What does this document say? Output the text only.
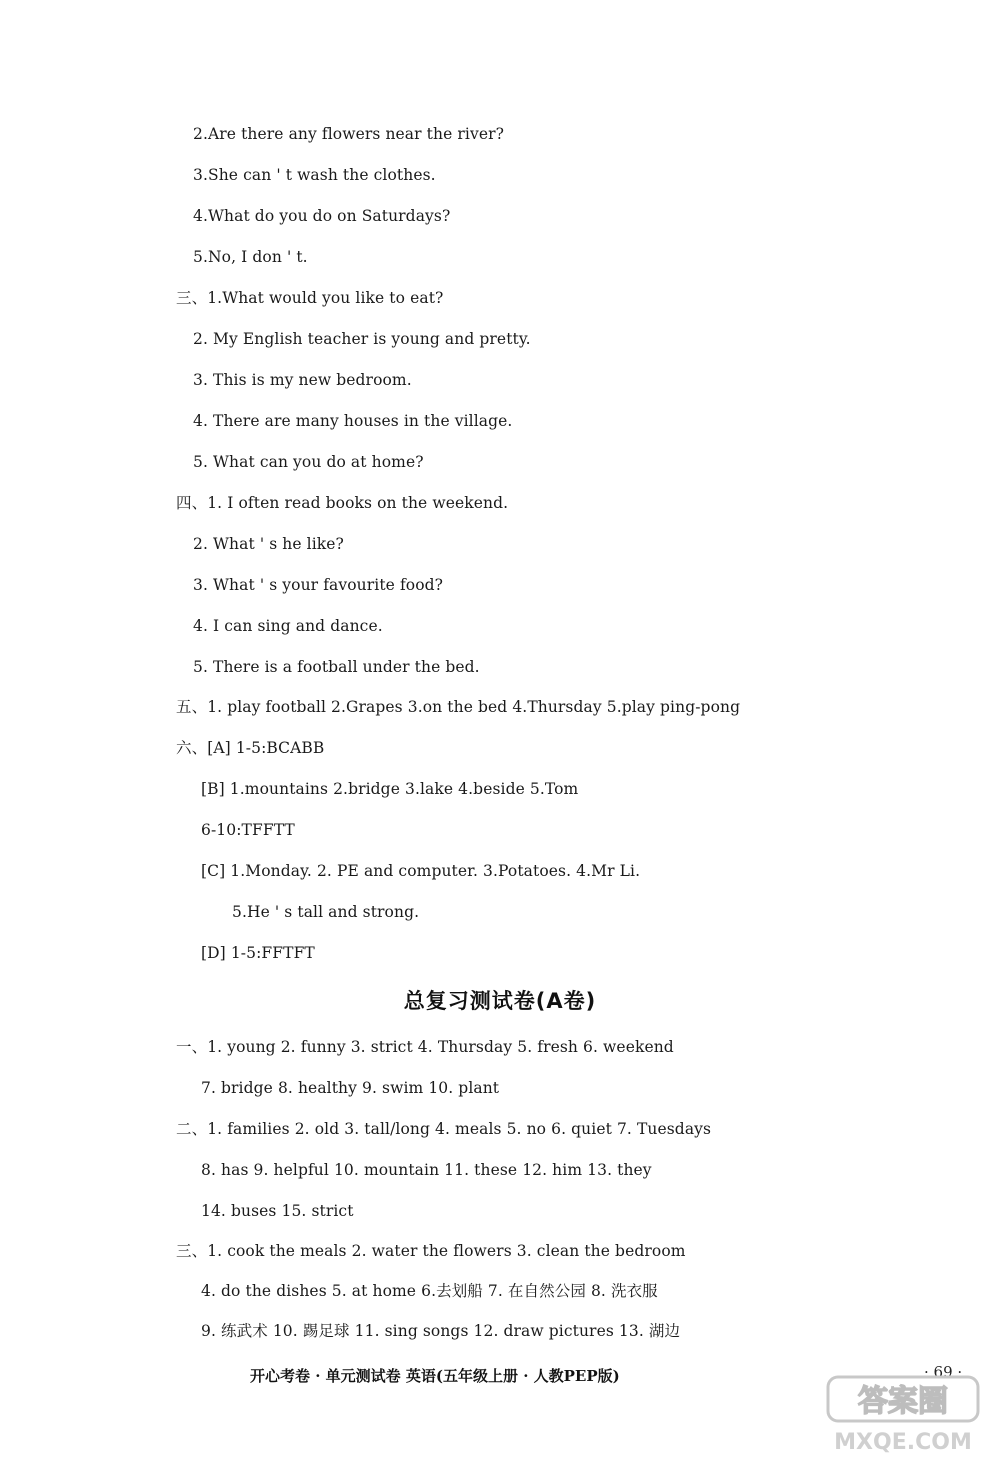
2.Are there any flowers near the river?
3.She can ' t wash the clothes.
4.What do you do on Saturdays?
5.No, I don ' t.
三、1.What would you like to eat?
2. My English teacher is young and pretty.
3. This is my new bedroom.
4. There are many houses in the village.
5. What can you do at home?
四、1. I often read books on the weekend.
2. What ' s he like?
3. What ' s your favourite food?
4. I can sing and dance.
5. There is a football under the bed.
五、1. play football 2.Grapes 3.on the bed 4.Thursday 5.play ping-pong
六、[A] 1-5:BCABB
[B] 1.mountains 2.bridge 3.lake 4.beside 5.Tom
6-10:TFFTT
[C] 1.Monday. 2. PE and computer. 3.Potatoes. 4.Mr Li.
5.He ' s tall and strong.
[D] 1-5:FFTFT
总复习测试卷(A卷)
一、1. young 2. funny 3. strict 4. Thursday 5. fresh 6. weekend
7. bridge 8. healthy 9. swim 10. plant
二、1. families 2. old 3. tall/long 4. meals 5. no 6. quiet 7. Tuesdays
8. has 9. helpful 10. mountain 11. these 12. him 13. they
14. buses 15. strict
三、1. cook the meals 2. water the flowers 3. clean the bedroom
4. do the dishes 5. at home 6.去划船 7. 在自然公园 8. 洗衣服
9. 练武术 10. 踢足球 11. sing songs 12. draw pictures 13. 湖边
开心考卷 · 单元测试卷 英语(五年级上册 · 人教PEP版)	· 69 ·
答案圈
MXQE.COM
